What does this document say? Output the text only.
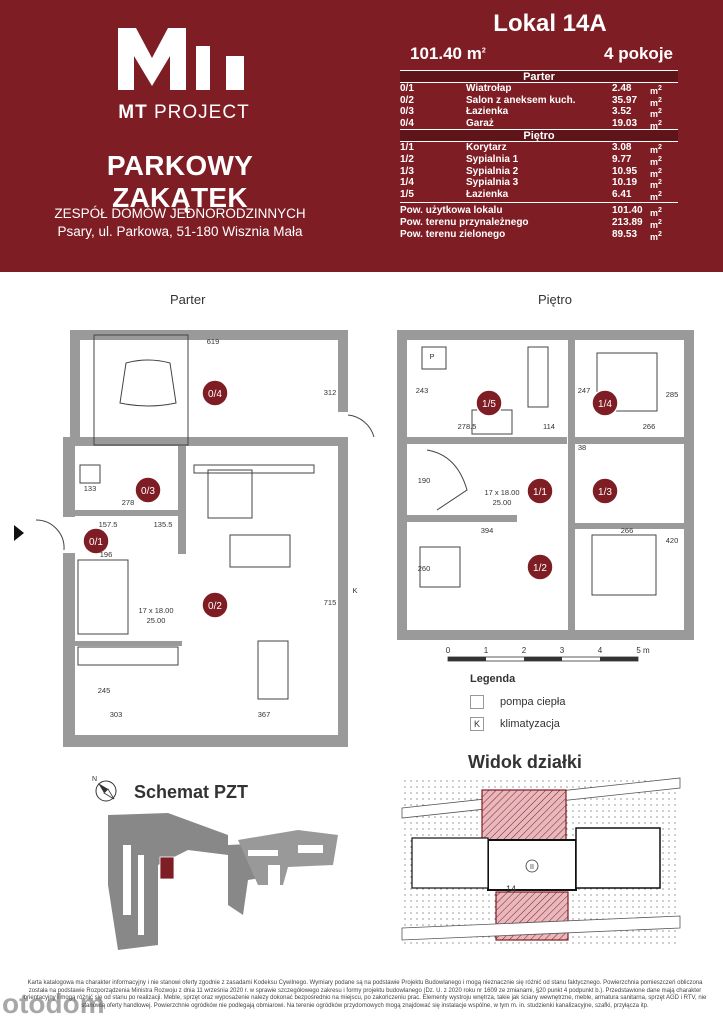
MT PROJECT
PARKOWY ZAKĄTEK
ZESPÓŁ DOMÓW JEDNORODZINNYCH
Psary, ul. Parkowa, 51-180 Wisznia Mała
Lokal 14A
101.40 $m^2$	4 pokoje
Parter
0/1	Wiatrołap	2.48	$m^2$
0/2	Salon z aneksem kuch.	35.97	$m^2$
0/3	Łazienka	3.52	$m^2$
0/4	Garaż	19.03	$m^2$
Piętro
1/1	Korytarz	3.08	$m^2$
1/2	Sypialnia 1	9.77	$m^2$
1/3	Sypialnia 2	10.95	$m^2$
1/4	Sypialnia 3	10.19	$m^2$
1/5	Łazienka	6.41	$m^2$
Pow. użytkowa lokalu	101.40 $m^2$
Pow. terenu przynależnego	213.89 $m^2$
Pow. terenu zielonego	89.53	$m^2$
Parter	Piętro
0/4
0/3
0/1
0/2
619
312
133
278
157.5	135.5
196
715
245
303	367
17 x 18.00
25.00
K
1/5	1/4
1/1	1/3
1/2
243
278.5
247	285
114	266
38
190
17 x 18.00
25.00
394	266
420
260
P
0	1	2	3	4	5 m
Legenda
pompa ciepła
K	klimatyzacja
N
Schemat PZT
Widok działki
II
14
Karta katalogowa ma charakter informacyjny i nie stanowi oferty zgodnie z zasadami Kodeksu Cywilnego. Wymiary podane są na podstawie Projektu Budowlanego i mogą nieznacznie się różnić od stanu faktycznego. Powierzchnia pomieszczeń obliczona została na podstawie Rozporządzenia Ministra Rozwoju z dnia 11 września 2020 r. w sprawie szczegółowego zakresu i formy projektu budowlanego (Dz. U. z 2020 roku nr 1609 ze zmianami, §20 punkt 4 podpunkt b.). Przedstawione dane mają charakter orientacyjny i mogą różnić się od stanu po realizacji. Meble, sprzęt oraz wyposażenie nalezy dokonać bezpośrednio na miejscu, po zakończeniu prac. Elementy wystroju wnętrza, takie jak ściany wewnętrzne, meble, armatura sanitarna, sprzęt AGD i RTV, nie stanowią oferty handlowej. Powierzchnie ogródków nie podlegają obmiarowi. Na terenie ogródków przydomowych mogą znajdować się instalacje wspólne, w tym m. in. studzienki kanalizacyjne, szafki, przyłącza itp.
otodom
